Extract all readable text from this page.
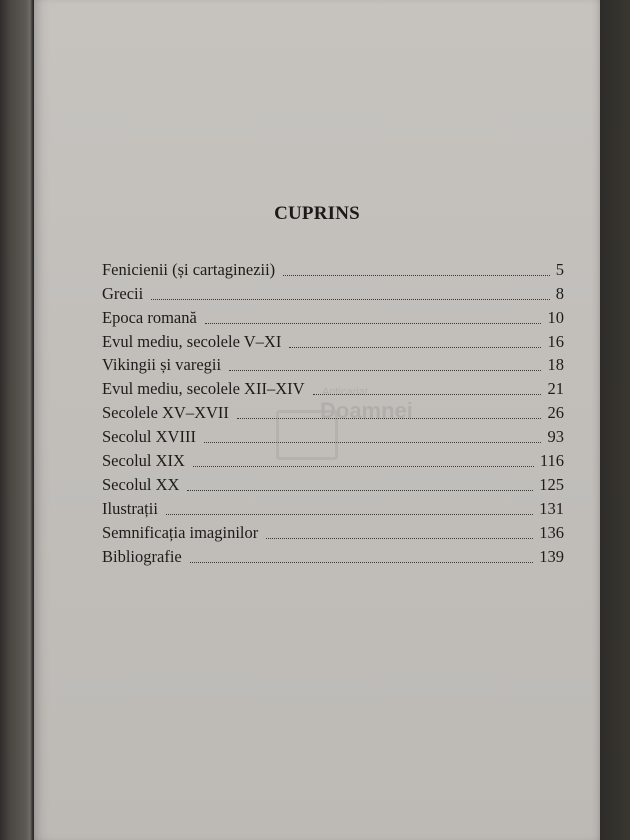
CUPRINS
Fenicienii (și cartaginezii)	5
Grecii	8
Epoca romană	10
Evul mediu, secolele V–XI	16
Vikingii și varegii	18
Evul mediu, secolele XII–XIV	21
Secolele XV–XVII	26
Secolul XVIII	93
Secolul XIX	116
Secolul XX	125
Ilustrații	131
Semnificația imaginilor	136
Bibliografie	139
Anticariat
Doamnei
